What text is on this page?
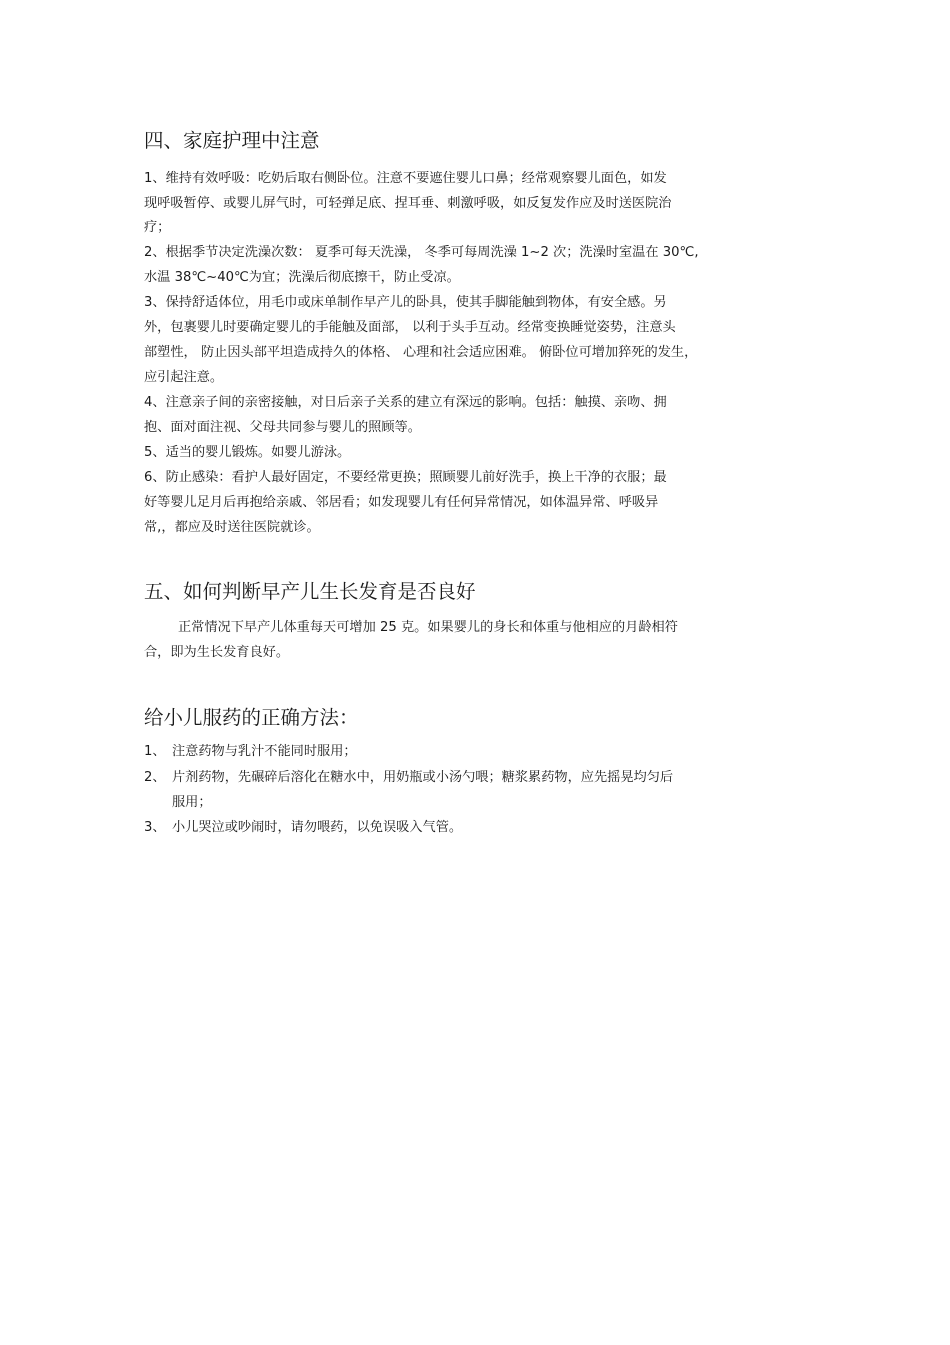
四、家庭护理中注意
1、维持有效呼吸：吃奶后取右侧卧位。注意不要遮住婴儿口鼻；经常观察婴儿面色，如发
现呼吸暂停、或婴儿屏气时，可轻弹足底、捏耳垂、刺激呼吸，如反复发作应及时送医院治
疗；
2、根据季节决定洗澡次数： 夏季可每天洗澡， 冬季可每周洗澡 1~2 次；洗澡时室温在 30℃,
水温 38℃~40℃为宜；洗澡后彻底擦干，防止受凉。
3、保持舒适体位，用毛巾或床单制作早产儿的卧具，使其手脚能触到物体，有安全感。另
外，包裹婴儿时要确定婴儿的手能触及面部， 以利于头手互动。经常变换睡觉姿势，注意头
部塑性， 防止因头部平坦造成持久的体格、 心理和社会适应困难。 俯卧位可增加猝死的发生，
应引起注意。
4、注意亲子间的亲密接触，对日后亲子关系的建立有深远的影响。包括：触摸、亲吻、拥
抱、面对面注视、父母共同参与婴儿的照顾等。
5、适当的婴儿锻炼。如婴儿游泳。
6、防止感染：看护人最好固定，不要经常更换；照顾婴儿前好洗手，换上干净的衣服；最
好等婴儿足月后再抱给亲戚、邻居看；如发现婴儿有任何异常情况，如体温异常、呼吸异
常,，都应及时送往医院就诊。
五、如何判断早产儿生长发育是否良好
正常情况下早产儿体重每天可增加 25 克。如果婴儿的身长和体重与他相应的月龄相符
合，即为生长发育良好。
给小儿服药的正确方法：
1、 注意药物与乳汁不能同时服用；
2、 片剂药物，先碾碎后溶化在糖水中，用奶瓶或小汤勺喂；糖浆累药物，应先摇晃均匀后
服用；
3、 小儿哭泣或吵闹时，请勿喂药，以免误吸入气管。
